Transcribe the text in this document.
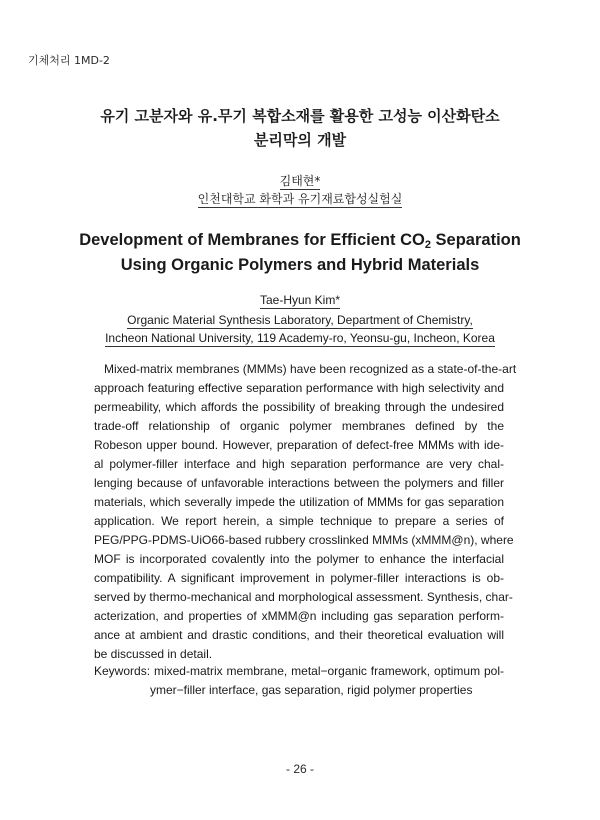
기체처리 1MD-2
유기 고분자와 유.무기 복합소재를 활용한 고성능 이산화탄소
분리막의 개발
김태현*
인천대학교 화학과 유기재료합성실험실
Development of Membranes for Efficient $CO_2$ Separation
Using Organic Polymers and Hybrid Materials
Tae-Hyun Kim*
Organic Material Synthesis Laboratory, Department of Chemistry,
Incheon National University, 119 Academy-ro, Yeonsu-gu, Incheon, Korea
Mixed-matrix membranes (MMMs) have been recognized as a state-of-the-art
approach featuring effective separation performance with high selectivity and
permeability, which affords the possibility of breaking through the undesired
trade-off relationship of organic polymer membranes defined by the
Robeson upper bound. However, preparation of defect-free MMMs with ide-
al polymer-filler interface and high separation performance are very chal-
lenging because of unfavorable interactions between the polymers and filler
materials, which severally impede the utilization of MMMs for gas separation
application. We report herein, a simple technique to prepare a series of
PEG/PPG-PDMS-UiO66-based rubbery crosslinked MMMs (xMMM@n), where
MOF is incorporated covalently into the polymer to enhance the interfacial
compatibility. A significant improvement in polymer-filler interactions is ob-
served by thermo-mechanical and morphological assessment. Synthesis, char-
acterization, and properties of xMMM@n including gas separation perform-
ance at ambient and drastic conditions, and their theoretical evaluation will
be discussed in detail.
Keywords: mixed-matrix membrane, metal−organic framework, optimum pol-
ymer−filler interface, gas separation, rigid polymer properties
- 26 -
